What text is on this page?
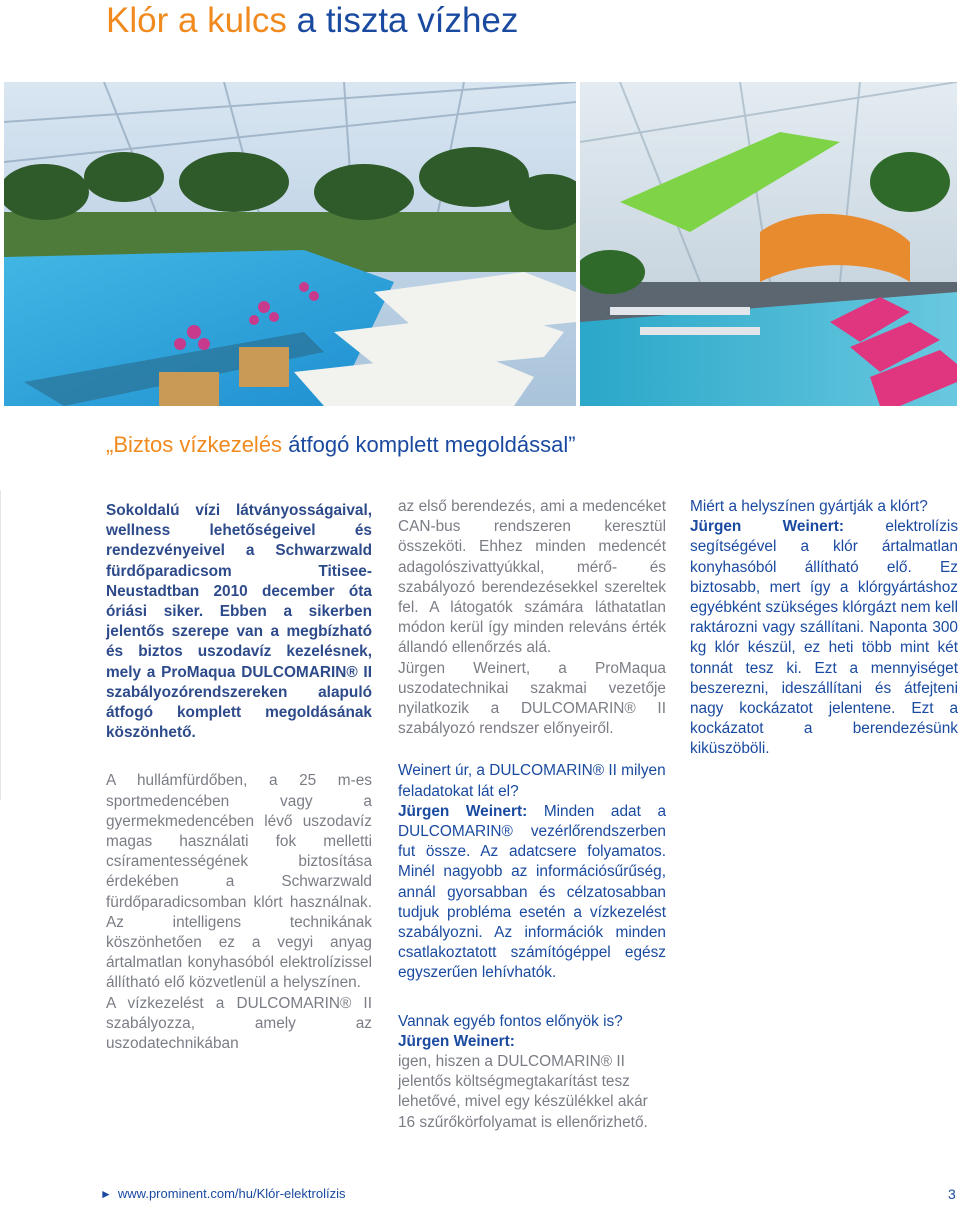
Klór a kulcs a tiszta vízhez
„Biztos vízkezelés átfogó komplett megoldással”

Sokoldalú vízi látványosságaival, wellness lehetőségeivel és rendezvényeivel a Schwarzwald fürdőparadicsom Titisee-Neustadtban 2010 december óta óriási siker. Ebben a sikerben jelentős szerepe van a megbízható és biztos uszodavíz kezelésnek, mely a ProMaqua DULCOMARIN® II szabályozórendszereken alapuló átfogó komplett megoldásának köszönhető.

A hullámfürdőben, a 25 m-es sportmedencében vagy a gyermekmedencében lévő uszodavíz magas használati fok melletti csíramentességének biztosítása érdekében a Schwarzwald fürdőparadicsomban klórt használnak. Az intelligens technikának köszönhetően ez a vegyi anyag ártalmatlan konyhasóból elektrolízissel állítható elő közvetlenül a helyszínen.

A vízkezelést a DULCOMARIN® II szabályozza, amely az uszodatechnikában

az első berendezés, ami a medencéket CAN-bus rendszeren keresztül összeköti. Ehhez minden medencét adagolószivattyúkkal, mérő- és szabályozó berendezésekkel szereltek fel. A látogatók számára láthatatlan módon kerül így minden releváns érték állandó ellenőrzés alá.

Jürgen Weinert, a ProMaqua uszodatechnikai szakmai vezetője nyilatkozik a DULCOMARIN® II szabályozó rendszer előnyeiről.

Weinert úr, a DULCOMARIN® II milyen feladatokat lát el?

Jürgen Weinert: Minden adat a DULCOMARIN® vezérlőrendszerben fut össze. Az adatcsere folyamatos. Minél nagyobb az információsűrűség, annál gyorsabban és célzatosabban tudjuk probléma esetén a vízkezelést szabályozni. Az információk minden csatlakoztatott számítógéppel egész egyszerűen lehívhatók.

Vannak egyéb fontos előnyök is?

Jürgen Weinert:

igen, hiszen a DULCOMARIN® II jelentős költségmegtakarítást tesz lehetővé, mivel egy készülékkel akár 16 szűrőkörfolyamat is ellenőrizhető.

Miért a helyszínen gyártják a klórt?

Jürgen Weinert:	elektrolízis segítségével a klór ártalmatlan konyhasóból állítható elő. Ez biztosabb, mert így a klórgyártáshoz egyébként szükséges klórgázt nem kell raktározni vagy szállítani. Naponta 300 kg klór készül, ez heti több mint két tonnát tesz ki. Ezt a mennyiséget beszerezni, ideszállítani és átfejteni nagy kockázatot jelentene. Ezt a kockázatot a berendezésünk kiküszöböli.

► www.prominent.com/hu/Klór-elektrolízis	3
